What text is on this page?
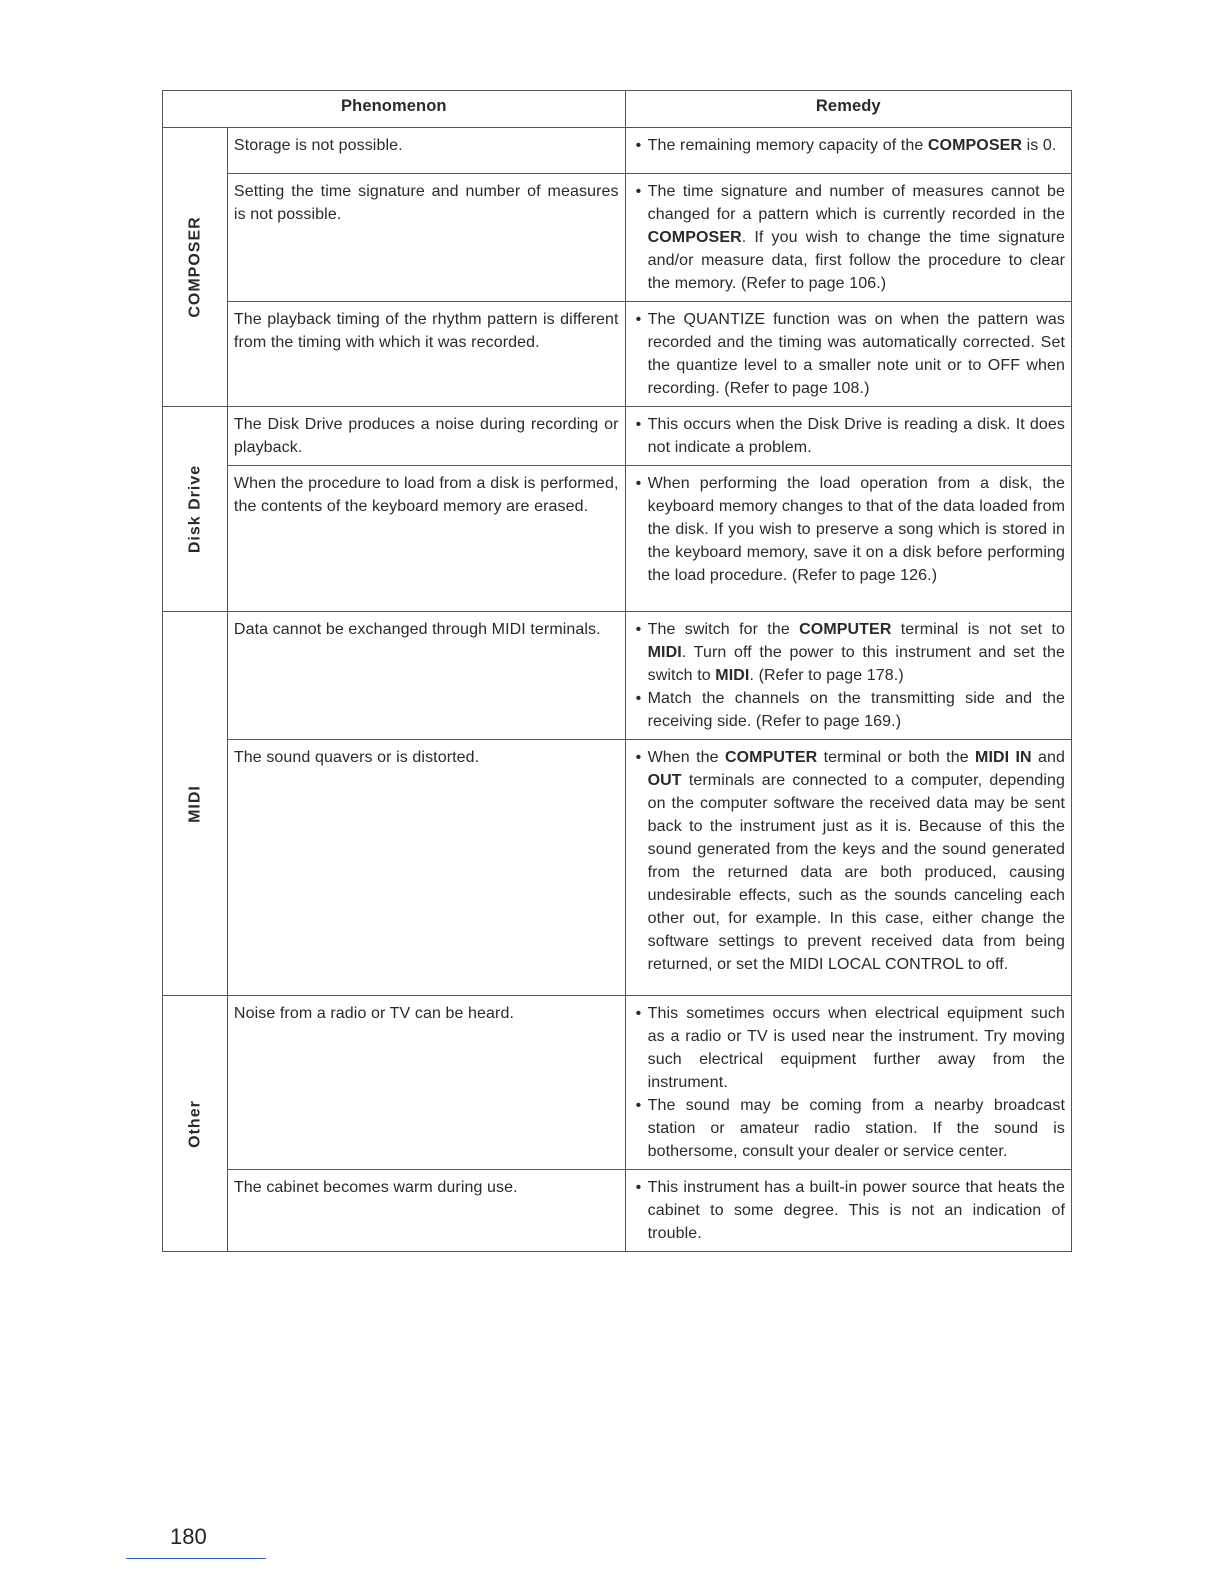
Phenomenon		Remedy

COMPOSER	Storage is not possible.	• The remaining memory capacity of the COMPOSER is 0.

	Setting the time signature and number of measures is not possible.	• The time signature and number of measures cannot be changed for a pattern which is currently recorded in the COMPOSER. If you wish to change the time signature and/or measure data, first follow the procedure to clear the memory. (Refer to page 106.)

	The playback timing of the rhythm pattern is different from the timing with which it was recorded.	• The QUANTIZE function was on when the pattern was recorded and the timing was automatically corrected. Set the quantize level to a smaller note unit or to OFF when recording. (Refer to page 108.)

Disk Drive	The Disk Drive produces a noise during recording or playback.	• This occurs when the Disk Drive is reading a disk. It does not indicate a problem.

	When the procedure to load from a disk is performed, the contents of the keyboard memory are erased.	• When performing the load operation from a disk, the keyboard memory changes to that of the data loaded from the disk. If you wish to preserve a song which is stored in the keyboard memory, save it on a disk before performing the load procedure. (Refer to page 126.)

MIDI	Data cannot be exchanged through MIDI terminals.	• The switch for the COMPUTER terminal is not set to MIDI. Turn off the power to this instrument and set the switch to MIDI. (Refer to page 178.)
• Match the channels on the transmitting side and the receiving side. (Refer to page 169.)

	The sound quavers or is distorted.	• When the COMPUTER terminal or both the MIDI IN and OUT terminals are connected to a computer, depending on the computer software the received data may be sent back to the instrument just as it is. Because of this the sound generated from the keys and the sound generated from the returned data are both produced, causing undesirable effects, such as the sounds canceling each other out, for example. In this case, either change the software settings to prevent received data from being returned, or set the MIDI LOCAL CONTROL to off.

Other	Noise from a radio or TV can be heard.	• This sometimes occurs when electrical equipment such as a radio or TV is used near the instrument. Try moving such electrical equipment further away from the instrument.
• The sound may be coming from a nearby broadcast station or amateur radio station. If the sound is bothersome, consult your dealer or service center.

	The cabinet becomes warm during use.	• This instrument has a built-in power source that heats the cabinet to some degree. This is not an indication of trouble.
180
